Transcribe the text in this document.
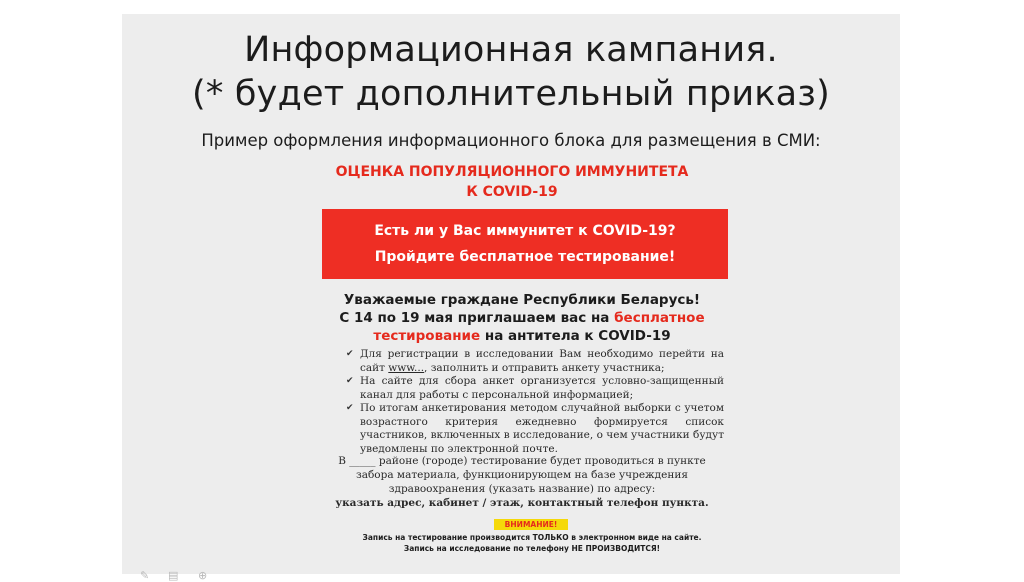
Информационная кампания.
(* будет дополнительный приказ)
Пример оформления информационного блока для размещения в СМИ:
ОЦЕНКА ПОПУЛЯЦИОННОГО ИММУНИТЕТА
К COVID-19
Есть ли у Вас иммунитет к COVID-19?
Пройдите бесплатное тестирование!
Уважаемые граждане Республики Беларусь!
С 14 по 19 мая приглашаем вас на бесплатное
тестирование на антитела к COVID-19
✔ Для регистрации в исследовании Вам необходимо перейти на сайт www..., заполнить и отправить анкету участника;
✔ На сайте для сбора анкет организуется условно-защищенный канал для работы с персональной информацией;
✔ По итогам анкетирования методом случайной выборки с учетом возрастного критерия ежедневно формируется список участников, включенных в исследование, о чем участники будут уведомлены по электронной почте.
В _____ районе (городе) тестирование будет проводиться в пункте
забора материала, функционирующем на базе учреждения
здравоохранения (указать название) по адресу:
указать адрес, кабинет / этаж, контактный телефон пункта.
ВНИМАНИЕ!
Запись на тестирование производится ТОЛЬКО в электронном виде на сайте.
Запись на исследование по телефону НЕ ПРОИЗВОДИТСЯ!
✎ ▤ ⊕
